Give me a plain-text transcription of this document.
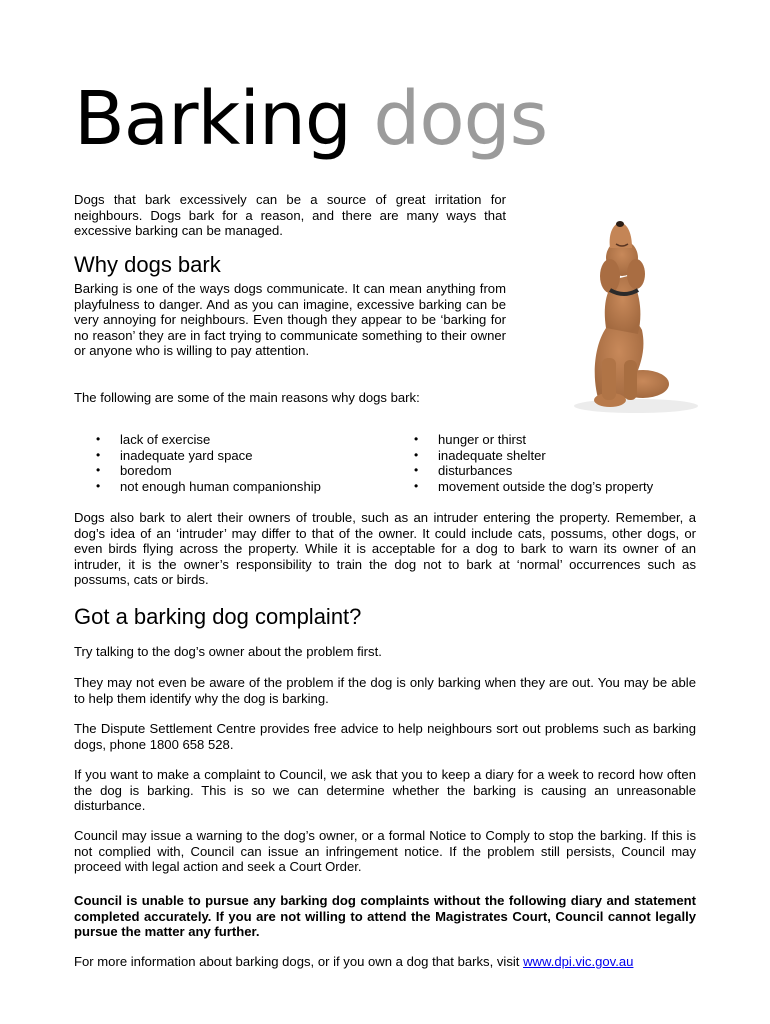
Barking dogs

Dogs that bark excessively can be a source of great irritation for neighbours. Dogs bark for a reason, and there are many ways that excessive barking can be managed.

Why dogs bark

Barking is one of the ways dogs communicate. It can mean anything from playfulness to danger. And as you can imagine, excessive barking can be very annoying for neighbours. Even though they appear to be ‘barking for no reason’ they are in fact trying to communicate something to their owner or anyone who is willing to pay attention.

The following are some of the main reasons why dogs bark:

• lack of exercise
• inadequate yard space
• boredom
• not enough human companionship
• hunger or thirst
• inadequate shelter
• disturbances
• movement outside the dog’s property

Dogs also bark to alert their owners of trouble, such as an intruder entering the property. Remember, a dog’s idea of an ‘intruder’ may differ to that of the owner. It could include cats, possums, other dogs, or even birds flying across the property. While it is acceptable for a dog to bark to warn its owner of an intruder, it is the owner’s responsibility to train the dog not to bark at ‘normal’ occurrences such as possums, cats or birds.

Got a barking dog complaint?

Try talking to the dog’s owner about the problem first.

They may not even be aware of the problem if the dog is only barking when they are out. You may be able to help them identify why the dog is barking.

The Dispute Settlement Centre provides free advice to help neighbours sort out problems such as barking dogs, phone 1800 658 528.

If you want to make a complaint to Council, we ask that you to keep a diary for a week to record how often the dog is barking. This is so we can determine whether the barking is causing an unreasonable disturbance.

Council may issue a warning to the dog’s owner, or a formal Notice to Comply to stop the barking. If this is not complied with, Council can issue an infringement notice. If the problem still persists, Council may proceed with legal action and seek a Court Order.

Council is unable to pursue any barking dog complaints without the following diary and statement completed accurately. If you are not willing to attend the Magistrates Court, Council cannot legally pursue the matter any further.

For more information about barking dogs, or if you own a dog that barks, visit www.dpi.vic.gov.au
